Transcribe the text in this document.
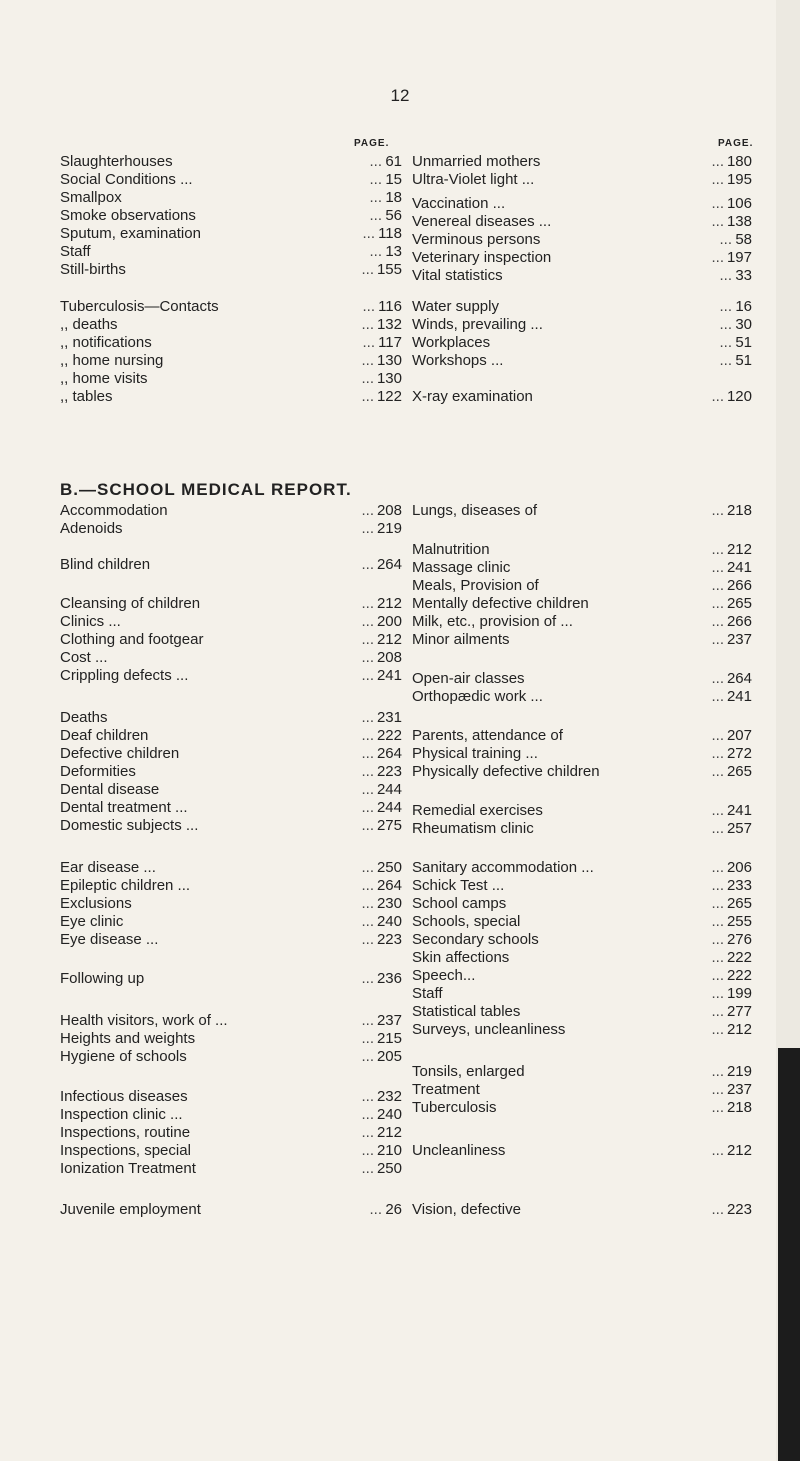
12
PAGE.	PAGE.
Slaughterhouses	... 61
Social Conditions ...	... 15
Smallpox	... 18
Smoke observations	... 56
Sputum, examination	... 118
Staff	... 13
Still-births	... 155
Tuberculosis—Contacts	... 116
,, deaths	... 132
,, notifications	... 117
,, home nursing	... 130
,, home visits	... 130
,, tables	... 122
Unmarried mothers	... 180
Ultra-Violet light ...	... 195
Vaccination ...	... 106
Venereal diseases ...	... 138
Verminous persons	... 58
Veterinary inspection	... 197
Vital statistics	... 33
Water supply	... 16
Winds, prevailing ...	... 30
Workplaces	... 51
Workshops ...	... 51
X-ray examination	... 120
B.—SCHOOL MEDICAL REPORT.
Accommodation	... 208
Adenoids	... 219
Blind children	... 264
Cleansing of children	... 212
Clinics ...	... 200
Clothing and footgear	... 212
Cost ...	... 208
Crippling defects ...	... 241
Deaths	... 231
Deaf children	... 222
Defective children	... 264
Deformities	... 223
Dental disease	... 244
Dental treatment ...	... 244
Domestic subjects ...	... 275
Ear disease ...	... 250
Epileptic children ...	... 264
Exclusions	... 230
Eye clinic	... 240
Eye disease ...	... 223
Following up	... 236
Health visitors, work of ...	... 237
Heights and weights	... 215
Hygiene of schools	... 205
Infectious diseases	... 232
Inspection clinic ...	... 240
Inspections, routine	... 212
Inspections, special	... 210
Ionization Treatment	... 250
Juvenile employment	... 26
Lungs, diseases of	... 218
Malnutrition	... 212
Massage clinic	... 241
Meals, Provision of	... 266
Mentally defective children	... 265
Milk, etc., provision of ...	... 266
Minor ailments	... 237
Open-air classes	... 264
Orthopædic work ...	... 241
Parents, attendance of	... 207
Physical training ...	... 272
Physically defective children	... 265
Remedial exercises	... 241
Rheumatism clinic	... 257
Sanitary accommodation ...	... 206
Schick Test ...	... 233
School camps	... 265
Schools, special	... 255
Secondary schools	... 276
Skin affections	... 222
Speech...	... 222
Staff	... 199
Statistical tables	... 277
Surveys, uncleanliness	... 212
Tonsils, enlarged	... 219
Treatment	... 237
Tuberculosis	... 218
Uncleanliness	... 212
Vision, defective	... 223
